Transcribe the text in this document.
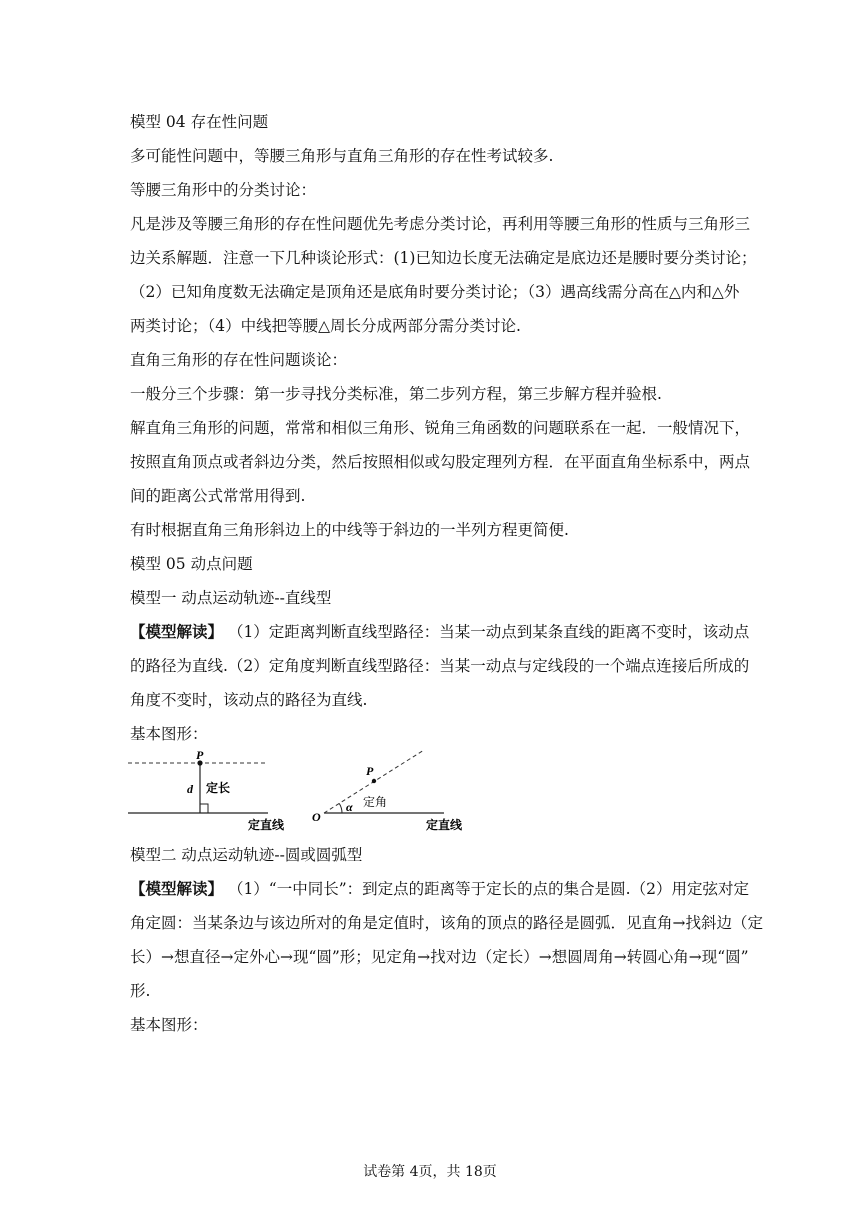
模型 04 存在性问题
多可能性问题中，等腰三角形与直角三角形的存在性考试较多.
等腰三角形中的分类讨论：
凡是涉及等腰三角形的存在性问题优先考虑分类讨论，再利用等腰三角形的性质与三角形三
边关系解题．注意一下几种谈论形式：(1)已知边长度无法确定是底边还是腰时要分类讨论；
（2）已知角度数无法确定是顶角还是底角时要分类讨论；（3）遇高线需分高在△内和△外
两类讨论；（4）中线把等腰△周长分成两部分需分类讨论.
直角三角形的存在性问题谈论：
一般分三个步骤：第一步寻找分类标准，第二步列方程，第三步解方程并验根.
解直角三角形的问题，常常和相似三角形、锐角三角函数的问题联系在一起．一般情况下，
按照直角顶点或者斜边分类，然后按照相似或勾股定理列方程．在平面直角坐标系中，两点
间的距离公式常常用得到.
有时根据直角三角形斜边上的中线等于斜边的一半列方程更简便.
模型 05 动点问题
模型一 动点运动轨迹--直线型
【模型解读】 （1）定距离判断直线型路径：当某一动点到某条直线的距离不变时，该动点
的路径为直线.（2）定角度判断直线型路径：当某一动点与定线段的一个端点连接后所成的
角度不变时，该动点的路径为直线.
基本图形：
P
d 定长
定直线
P
O
α 定角
定直线
模型二 动点运动轨迹--圆或圆弧型
【模型解读】 （1）“一中同长”：到定点的距离等于定长的点的集合是圆.（2）用定弦对定
角定圆：当某条边与该边所对的角是定值时，该角的顶点的路径是圆弧．见直角→找斜边（定
长）→想直径→定外心→现“圆”形；见定角→找对边（定长）→想圆周角→转圆心角→现“圆”
形.
基本图形：
试卷第 4页，共 18页
